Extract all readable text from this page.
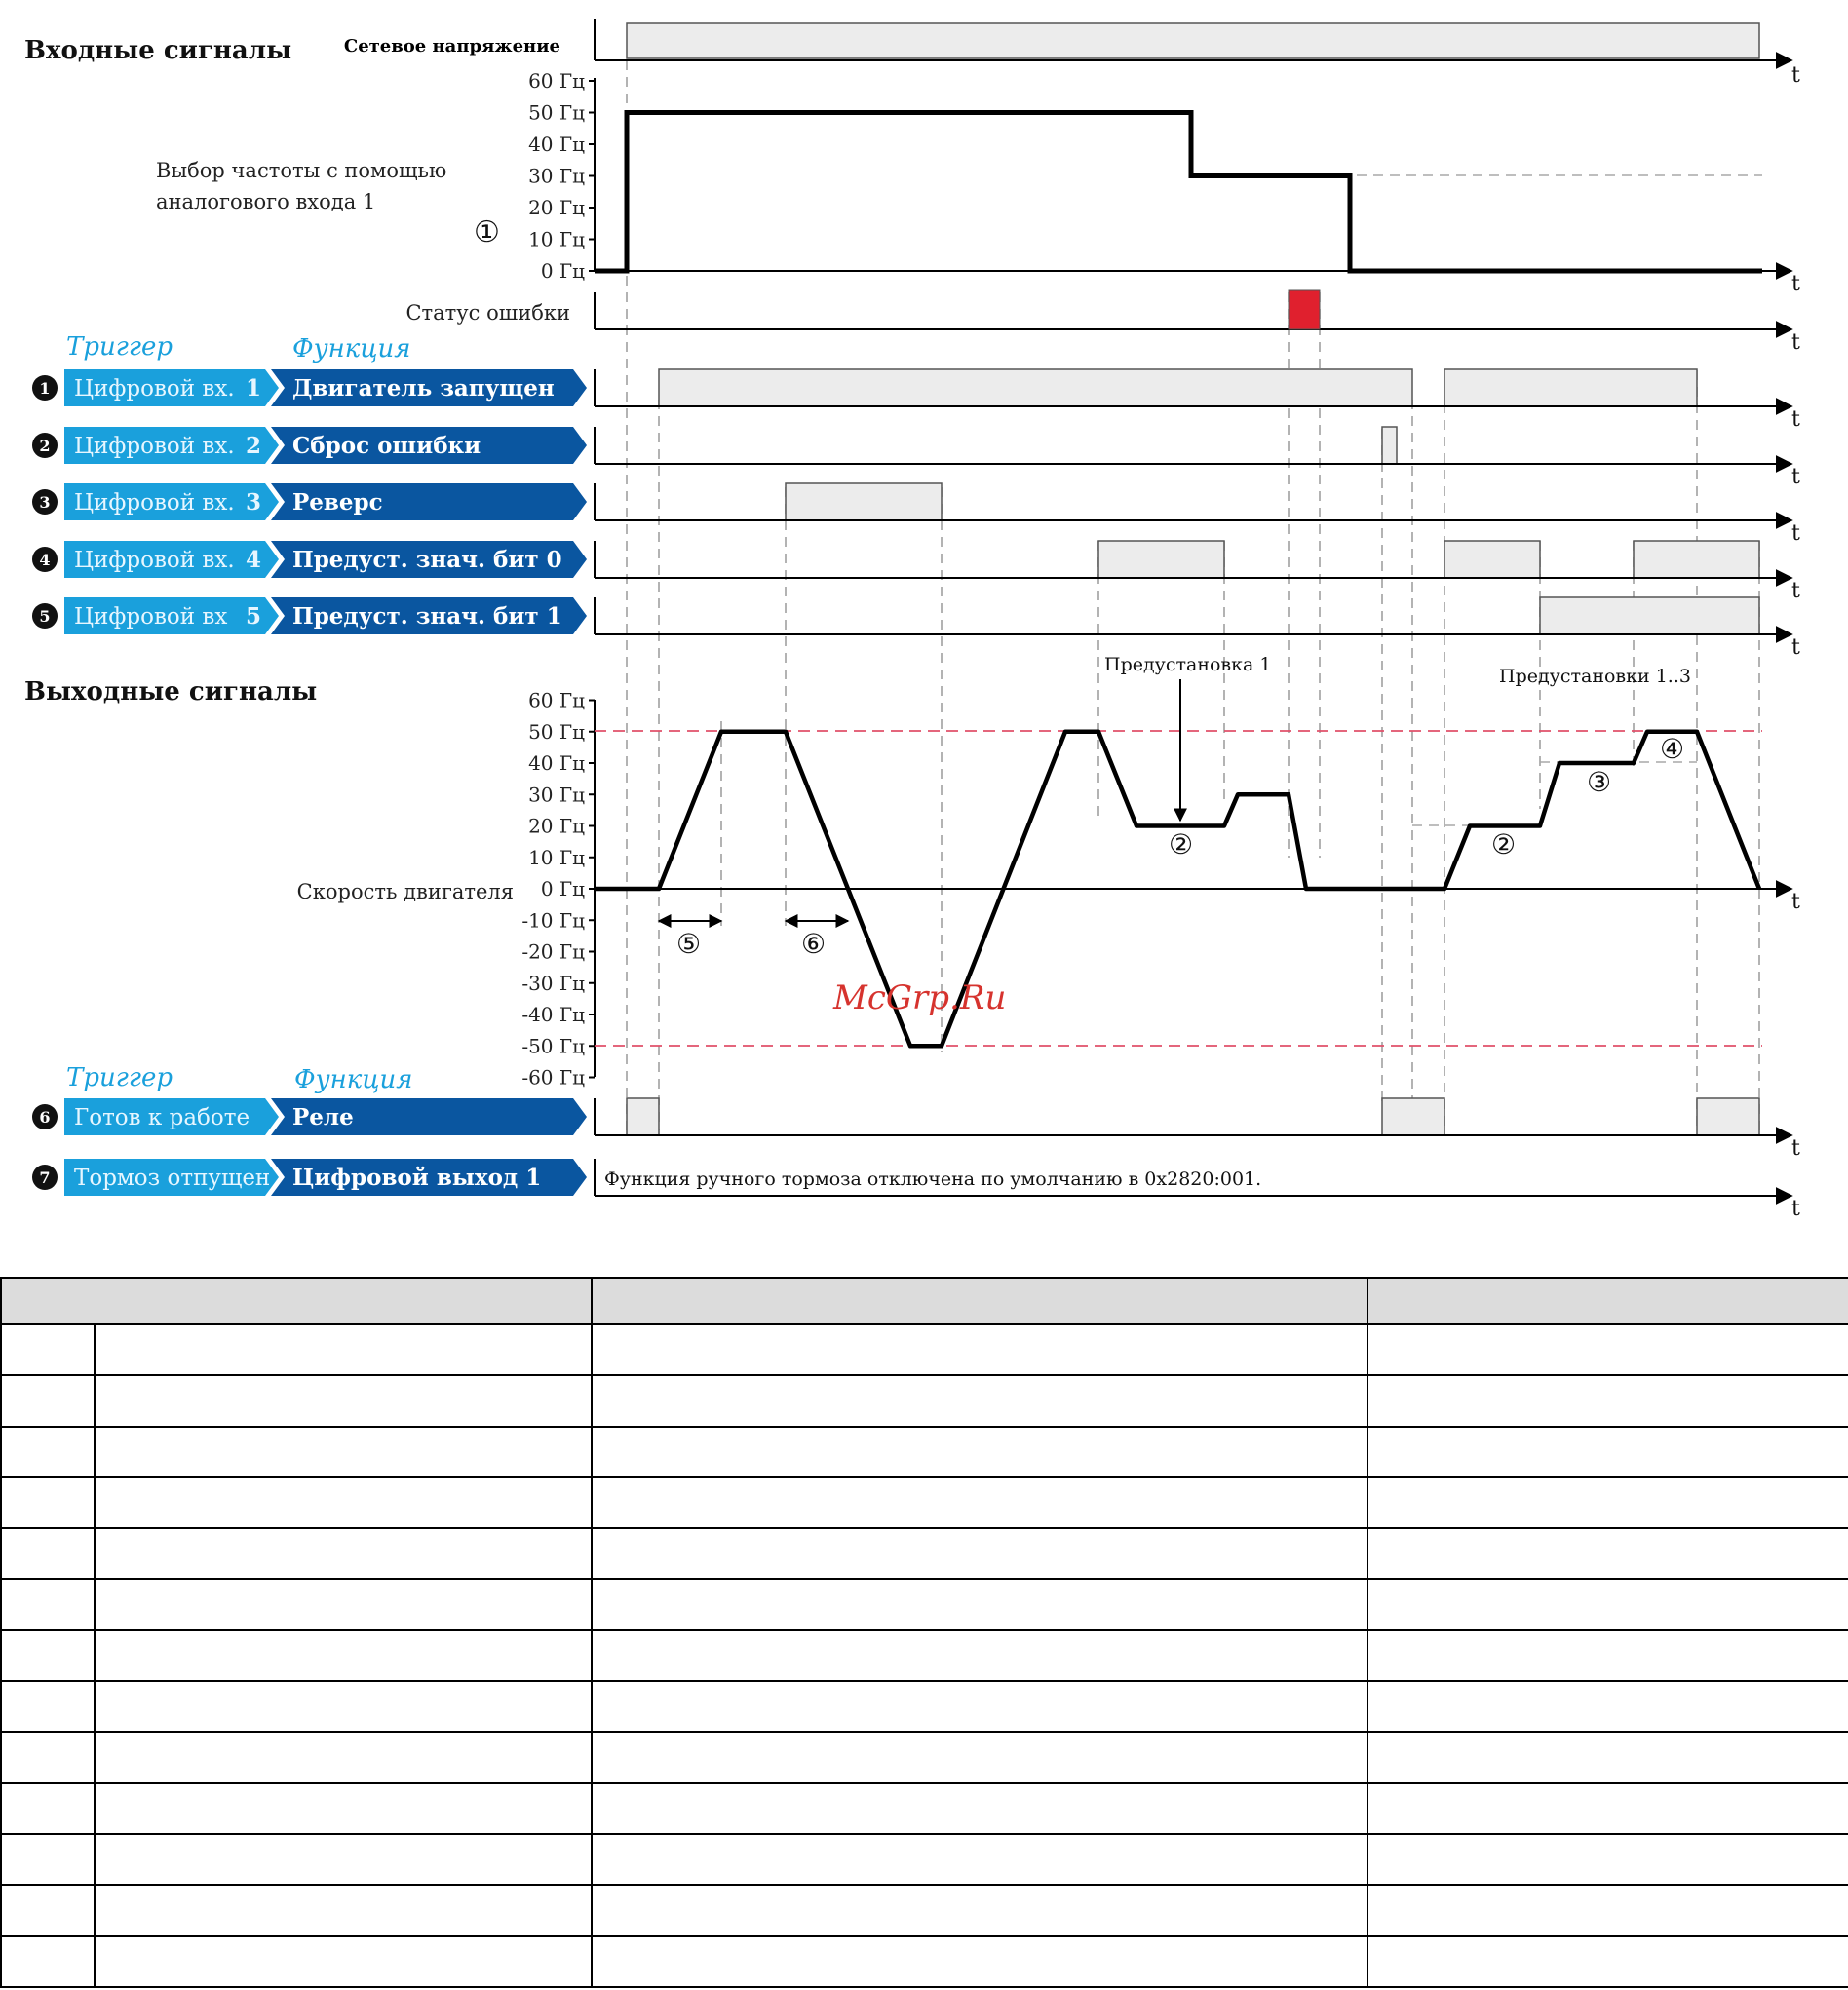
Входные сигналы
Выходные сигналы
Сетевое напряжение
t
Выбор частоты с помощью
аналогового входа 1
①
t
60 Гц
50 Гц
40 Гц
30 Гц
20 Гц
10 Гц
0 Гц
Статус ошибки
t
Триггер	Функция
1 Цифровой вх. 1 Двигатель запущен
t
2 Цифровой вх. 2 Сброс ошибки
t
3 Цифровой вх. 3 Реверс
t
4 Цифровой вх. 4 Предуст. знач. бит 0
t
5 Цифровой вх 5 Предуст. знач. бит 1
t
Скорость двигателя	t
60 Гц
50 Гц
40 Гц
30 Гц
20 Гц
10 Гц
0 Гц
-10 Гц
-20 Гц
-30 Гц
-40 Гц
-50 Гц
-60 Гц
Предустановка 1
Предустановки 1..3
②	②
③
④
⑤	⑥
McGrp.Ru
Триггер	Функция
6 Готов к работе Реле
t
7 Тормоз отпущен Цифровой выход 1
t
Функция ручного тормоза отключена по умолчанию в 0x2820:001.
